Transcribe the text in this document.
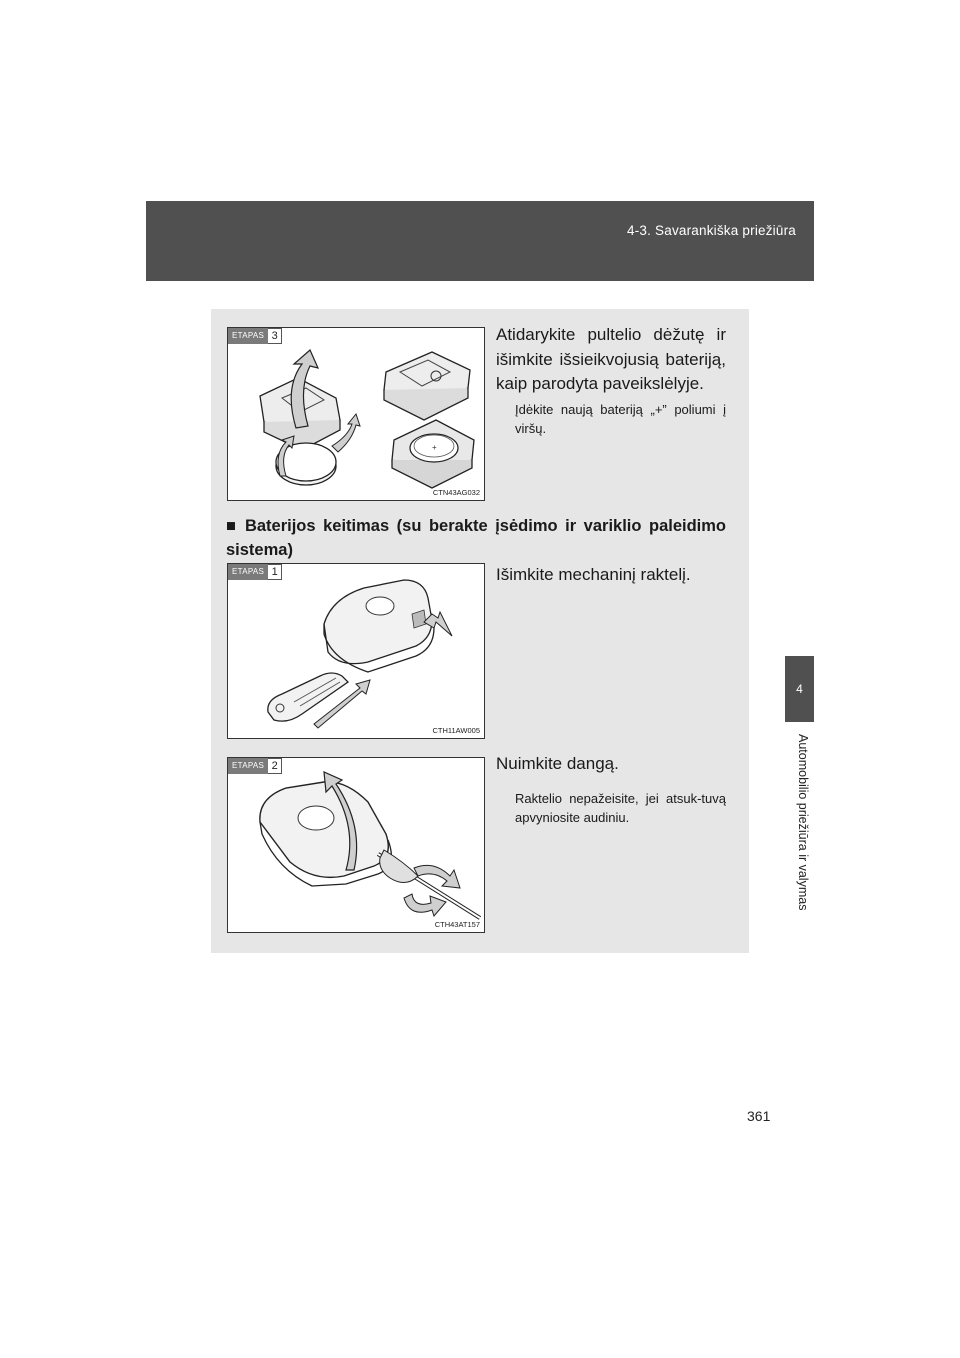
4-3. Savarankiška priežiūra
4
Automobilio priežiūra ir valymas
ETAPAS 3
+
CTN43AG032
Atidarykite pultelio dėžutę ir išimkite išsieikvojusią bateriją, kaip parodyta paveikslėlyje.
Įdėkite naują bateriją „+” poliumi į viršų.
■ Baterijos keitimas (su berakte įsėdimo ir variklio paleidimo sistema)
ETAPAS 1
CTH11AW005
Išimkite mechaninį raktelį.
ETAPAS 2
CTH43AT157
Nuimkite dangą.
Raktelio nepažeisite, jei atsuk-tuvą apvyniosite audiniu.
361
